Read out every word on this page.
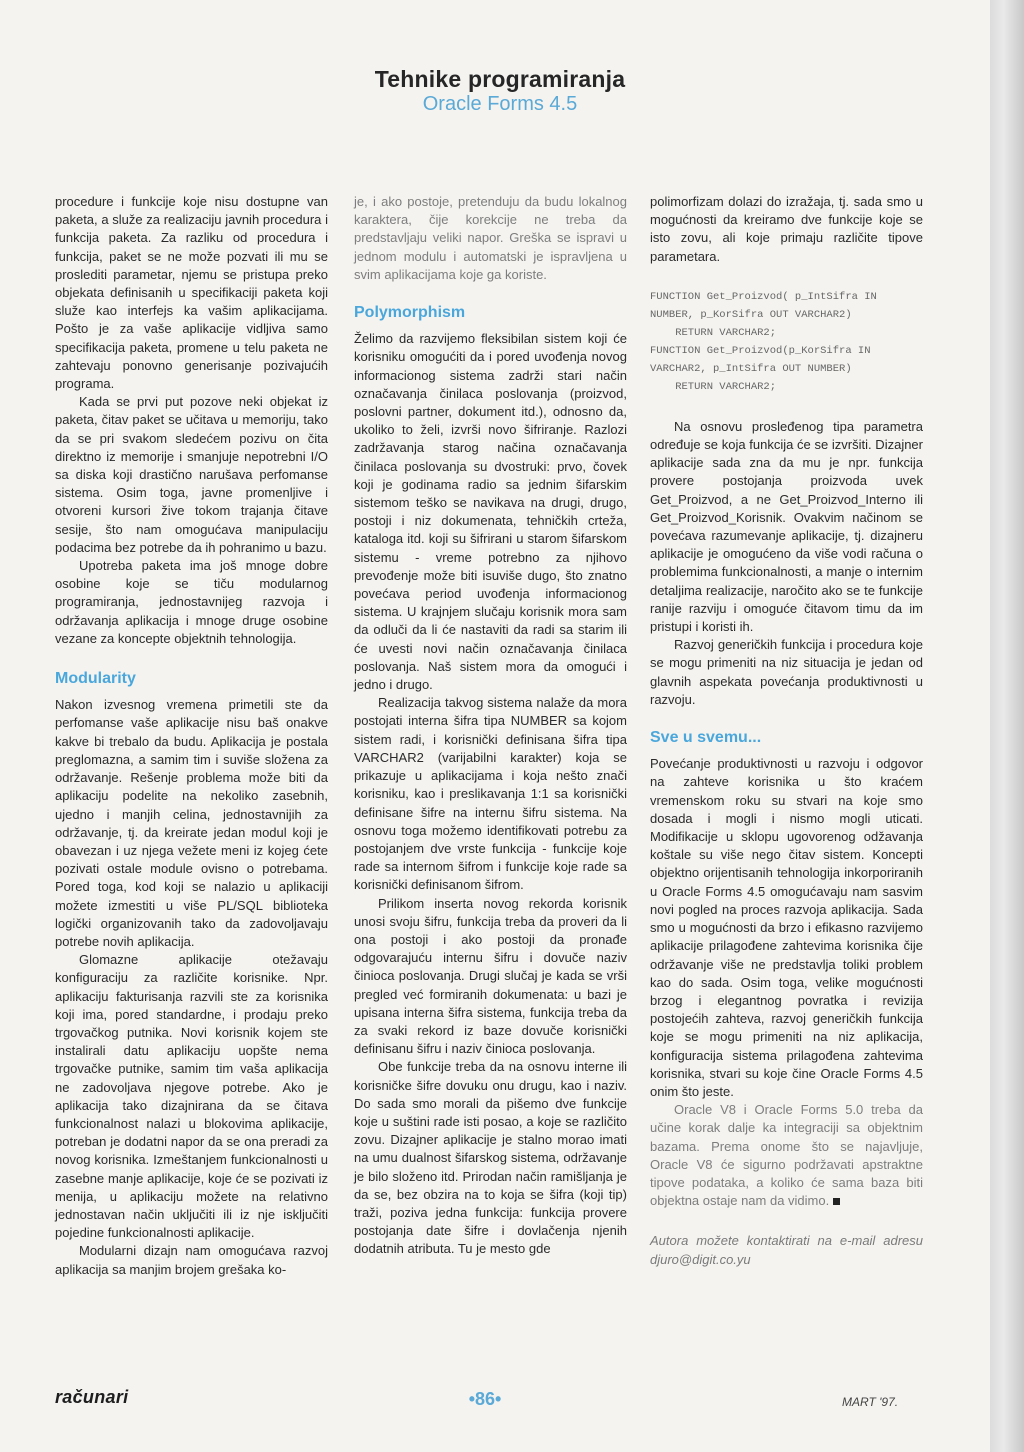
Tehnike programiranja
Oracle Forms 4.5

procedure i funkcije koje nisu dostupne van paketa, a služe za realizaciju javnih procedura i funkcija paketa. Za razliku od procedura i funkcija, paket se ne može pozvati ili mu se proslediti parametar, njemu se pristupa preko objekata definisanih u specifikaciji paketa koji služe kao interfejs ka vašim aplikacijama. Pošto je za vaše aplikacije vidljiva samo specifikacija paketa, promene u telu paketa ne zahtevaju ponovno generisanje pozivajućih programa.

Kada se prvi put pozove neki objekat iz paketa, čitav paket se učitava u memoriju, tako da se pri svakom sledećem pozivu on čita direktno iz memorije i smanjuje nepotrebni I/O sa diska koji drastično narušava perfomanse sistema. Osim toga, javne promenljive i otvoreni kursori žive tokom trajanja čitave sesije, što nam omogućava manipulaciju podacima bez potrebe da ih pohranimo u bazu.

Upotreba paketa ima još mnoge dobre osobine koje se tiču modularnog programiranja, jednostavnijeg razvoja i održavanja aplikacija i mnoge druge osobine vezane za koncepte objektnih tehnologija.

Modularity

Nakon izvesnog vremena primetili ste da perfomanse vaše aplikacije nisu baš onakve kakve bi trebalo da budu. Aplikacija je postala preglomazna, a samim tim i suviše složena za održavanje. Rešenje problema može biti da aplikaciju podelite na nekoliko zasebnih, ujedno i manjih celina, jednostavnijih za održavanje, tj. da kreirate jedan modul koji je obavezan i uz njega vežete meni iz kojeg ćete pozivati ostale module ovisno o potrebama. Pored toga, kod koji se nalazio u aplikaciji možete izmestiti u više PL/SQL biblioteka logički organizovanih tako da zadovoljavaju potrebe novih aplikacija.

Glomazne aplikacije otežavaju konfiguraciju za različite korisnike. Npr. aplikaciju fakturisanja razvili ste za korisnika koji ima, pored standardne, i prodaju preko trgovačkog putnika. Novi korisnik kojem ste instalirali datu aplikaciju uopšte nema trgovačke putnike, samim tim vaša aplikacija ne zadovoljava njegove potrebe. Ako je aplikacija tako dizajnirana da se čitava funkcionalnost nalazi u blokovima aplikacije, potreban je dodatni napor da se ona preradi za novog korisnika. Izmeštanjem funkcionalnosti u zasebne manje aplikacije, koje će se pozivati iz menija, u aplikaciju možete na relativno jednostavan način uključiti ili iz nje isključiti pojedine funkcionalnosti aplikacije.

Modularni dizajn nam omogućava razvoj aplikacija sa manjim brojem grešaka ko-

je, i ako postoje, pretenduju da budu lokalnog karaktera, čije korekcije ne treba da predstavljaju veliki napor. Greška se ispravi u jednom modulu i automatski je ispravljena u svim aplikacijama koje ga koriste.

Polymorphism

Želimo da razvijemo fleksibilan sistem koji će korisniku omogućiti da i pored uvođenja novog informacionog sistema zadrži stari način označavanja činilaca poslovanja (proizvod, poslovni partner, dokument itd.), odnosno da, ukoliko to želi, izvrši novo šifriranje. Razlozi zadržavanja starog načina označavanja činilaca poslovanja su dvostruki: prvo, čovek koji je godinama radio sa jednim šifarskim sistemom teško se navikava na drugi, drugo, postoji i niz dokumenata, tehničkih crteža, kataloga itd. koji su šifrirani u starom šifarskom sistemu - vreme potrebno za njihovo prevođenje može biti isuviše dugo, što znatno povećava period uvođenja informacionog sistema. U krajnjem slučaju korisnik mora sam da odluči da li će nastaviti da radi sa starim ili će uvesti novi način označavanja činilaca poslovanja. Naš sistem mora da omogući i jedno i drugo.

Realizacija takvog sistema nalaže da mora postojati interna šifra tipa NUMBER sa kojom sistem radi, i korisnički definisana šifra tipa VARCHAR2 (varijabilni karakter) koja se prikazuje u aplikacijama i koja nešto znači korisniku, kao i preslikavanja 1:1 sa korisnički definisane šifre na internu šifru sistema. Na osnovu toga možemo identifikovati potrebu za postojanjem dve vrste funkcija - funkcije koje rade sa internom šifrom i funkcije koje rade sa korisnički definisanom šifrom.

Prilikom inserta novog rekorda korisnik unosi svoju šifru, funkcija treba da proveri da li ona postoji i ako postoji da pronađe odgovarajuću internu šifru i dovuče naziv činioca poslovanja. Drugi slučaj je kada se vrši pregled već formiranih dokumenata: u bazi je upisana interna šifra sistema, funkcija treba da za svaki rekord iz baze dovuče korisnički definisanu šifru i naziv činioca poslovanja.

Obe funkcije treba da na osnovu interne ili korisničke šifre dovuku onu drugu, kao i naziv. Do sada smo morali da pišemo dve funkcije koje u suštini rade isti posao, a koje se različito zovu. Dizajner aplikacije je stalno morao imati na umu dualnost šifarskog sistema, održavanje je bilo složeno itd. Prirodan način ramišljanja je da se, bez obzira na to koja se šifra (koji tip) traži, poziva jedna funkcija: funkcija provere postojanja date šifre i dovlačenja njenih dodatnih atributa. Tu je mesto gde

polimorfizam dolazi do izražaja, tj. sada smo u mogućnosti da kreiramo dve funkcije koje se isto zovu, ali koje primaju različite tipove parametara.

FUNCTION Get_Proizvod( p_IntSifra IN
NUMBER, p_KorSifra OUT VARCHAR2)
RETURN VARCHAR2;
FUNCTION Get_Proizvod(p_KorSifra IN
VARCHAR2, p_IntSifra OUT NUMBER)
RETURN VARCHAR2;

Na osnovu prosleđenog tipa parametra određuje se koja funkcija će se izvršiti. Dizajner aplikacije sada zna da mu je npr. funkcija provere postojanja proizvoda uvek Get_Proizvod, a ne Get_Proizvod_Interno ili Get_Proizvod_Korisnik. Ovakvim načinom se povećava razumevanje aplikacije, tj. dizajneru aplikacije je omogućeno da više vodi računa o problemima funkcionalnosti, a manje o internim detaljima realizacije, naročito ako se te funkcije ranije razviju i omoguće čitavom timu da im pristupi i koristi ih.

Razvoj generičkih funkcija i procedura koje se mogu primeniti na niz situacija je jedan od glavnih aspekata povećanja produktivnosti u razvoju.

Sve u svemu...

Povećanje produktivnosti u razvoju i odgovor na zahteve korisnika u što kraćem vremenskom roku su stvari na koje smo dosada i mogli i nismo mogli uticati. Modifikacije u sklopu ugovorenog odžavanja koštale su više nego čitav sistem. Koncepti objektno orijentisanih tehnologija inkorporiranih u Oracle Forms 4.5 omogućavaju nam sasvim novi pogled na proces razvoja aplikacija. Sada smo u mogućnosti da brzo i efikasno razvijemo aplikacije prilagođene zahtevima korisnika čije održavanje više ne predstavlja toliki problem kao do sada. Osim toga, velike mogućnosti brzog i elegantnog povratka i revizija postojećih zahteva, razvoj generičkih funkcija koje se mogu primeniti na niz aplikacija, konfiguracija sistema prilagođena zahtevima korisnika, stvari su koje čine Oracle Forms 4.5 onim što jeste.

Oracle V8 i Oracle Forms 5.0 treba da učine korak dalje ka integraciji sa objektnim bazama. Prema onome što se najavljuje, Oracle V8 će sigurno podržavati apstraktne tipove podataka, a koliko će sama baza biti objektna ostaje nam da vidimo.

Autora možete kontaktirati na e-mail adresu djuro@digit.co.yu

računari	•86•	MART '97.
